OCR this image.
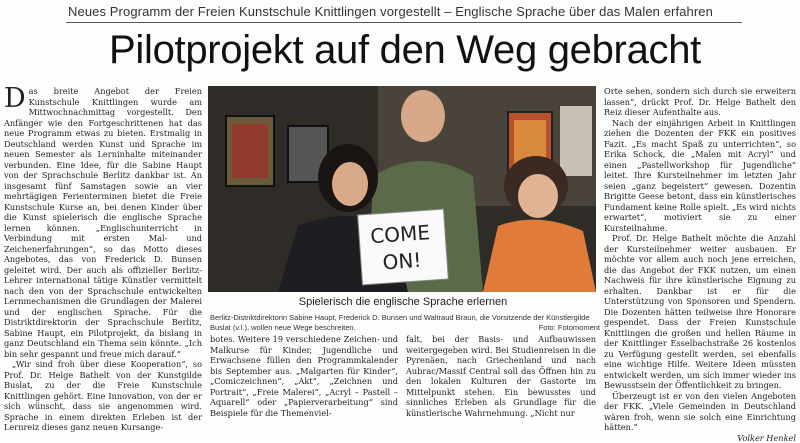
Neues Programm der Freien Kunstschule Knittlingen vorgestellt – Englische Sprache über das Malen erfahren
Pilotprojekt auf den Weg gebracht

Das breite Angebot der Freien Kunstschule Knittlingen wurde am Mittwochnachmittag vorgestellt. Den Anfänger wie den Fortgeschrittenen hat das neue Programm etwas zu bieten. Erstmalig in Deutschland werden Kunst und Sprache im neuen Semester als Lerninhalte miteinander verbunden. Eine Idee, für die Sabine Haupt von der Sprachschule Berlitz dankbar ist. An insgesamt fünf Samstagen sowie an vier mehrtägigen Ferienterminen bietet die Freie Kunstschule Kurse an, bei denen Kinder über die Kunst spielerisch die englische Sprache lernen können. „Englischunterricht in Verbindung mit ersten Mal- und Zeichenerfahrungen“, so das Motto dieses Angebotes, das von Frederick D. Bunsen geleitet wird. Der auch als offizieller Berlitz-Lehrer international tätige Künstler vermittelt nach den von der Sprachschule entwickelten Lernmechanismen die Grundlagen der Malerei und der englischen Sprache. Für die Distriktdirektorin der Sprachschule Berlitz, Sabine Haupt, ein Pilotprojekt, da bislang in ganz Deutschland ein Thema sein könnte. „Ich bin sehr gespannt und freue mich darauf.“

„Wir sind froh über diese Kooperation“, so Prof. Dr. Helge Bathelt von der Kunstgilde Buslat, zu der die Freie Kunstschule Knittlingen gehört. Eine Innovation, von der er sich wünscht, dass sie angenommen wird. Sprache in einem direkten Erleben ist der Lernreiz dieses ganz neuen Kursange-

COME
ON!
Spielerisch die englische Sprache erlernen
Berlitz-Distriktdirektorin Sabine Haupt, Frederick D. Bunsen und Waltraud Braun, die Vorsitzende der Künstlergilde Buslat (v.l.), wollen neue Wege beschreiten.	Foto: Fotomoment

botes. Weitere 19 verschiedene Zeichen- und Malkurse für Kinder, Jugendliche und Erwachsene füllen den Programmkalender bis September aus. „Malgarten für Kinder“, „Comiczeichnen“, „Akt“, „Zeichnen und Portrait“, „Freie Malerei“, „Acryl – Pastell – Aquarell“ oder „Papierverarbeitung“ sind Beispiele für die Themenviel-

falt, bei der Basis- und Aufbauwissen weitergegeben wird. Bei Studienreisen in die Pyrenäen, nach Griechenland und nach Aubrac/Massif Central soll das Öffnen hin zu den lokalen Kulturen der Gastorte im Mittelpunkt stehen. Ein bewusstes und sinnliches Erleben als Grundlage für die künstlerische Wahrnehmung. „Nicht nur

Orte sehen, sondern sich durch sie erweitern lassen“, drückt Prof. Dr. Helge Bathelt den Reiz dieser Aufenthalte aus.

Nach der einjährigen Arbeit in Knittlingen ziehen die Dozenten der FKK ein positives Fazit. „Es macht Spaß zu unterrichten“, so Erika Schock, die „Malen mit Acryl“ und einen „Pastellworkshop für Jugendliche“ leitet. Ihre Kursteilnehmer im letzten Jahr seien „ganz begeistert“ gewesen. Dozentin Brigitte Geese betont, dass ein künstlerisches Fundament keine Rolle spielt. „Es wird nichts erwartet“, motiviert sie zu einer Kursteilnahme.

Prof. Dr. Helge Bathelt möchte die Anzahl der Kursteilnehmer weiter ausbauen. Er möchte vor allem auch noch jene erreichen, die das Angebot der FKK nutzen, um einen Nachweis für ihre künstlerische Eignung zu erhalten. Dankbar ist er für die Unterstützung von Sponsoren und Spendern. Die Dozenten hätten teilweise ihre Honorare gespendet. Dass der Freien Kunstschule Knittlingen die großen und hellen Räume in der Knittlinger Esselbachstraße 26 kostenlos zu Verfügung gestellt werden, sei ebenfalls eine wichtige Hilfe. Weitere Ideen müssten entwickelt werden, um sich immer wieder ins Bewusstsein der Öffentlichkeit zu bringen.

Überzeugt ist er von den vielen Angeboten der FKK. „Viele Gemeinden in Deutschland wären froh, wenn sie solch eine Einrichtung hätten.“

Volker Henkel
